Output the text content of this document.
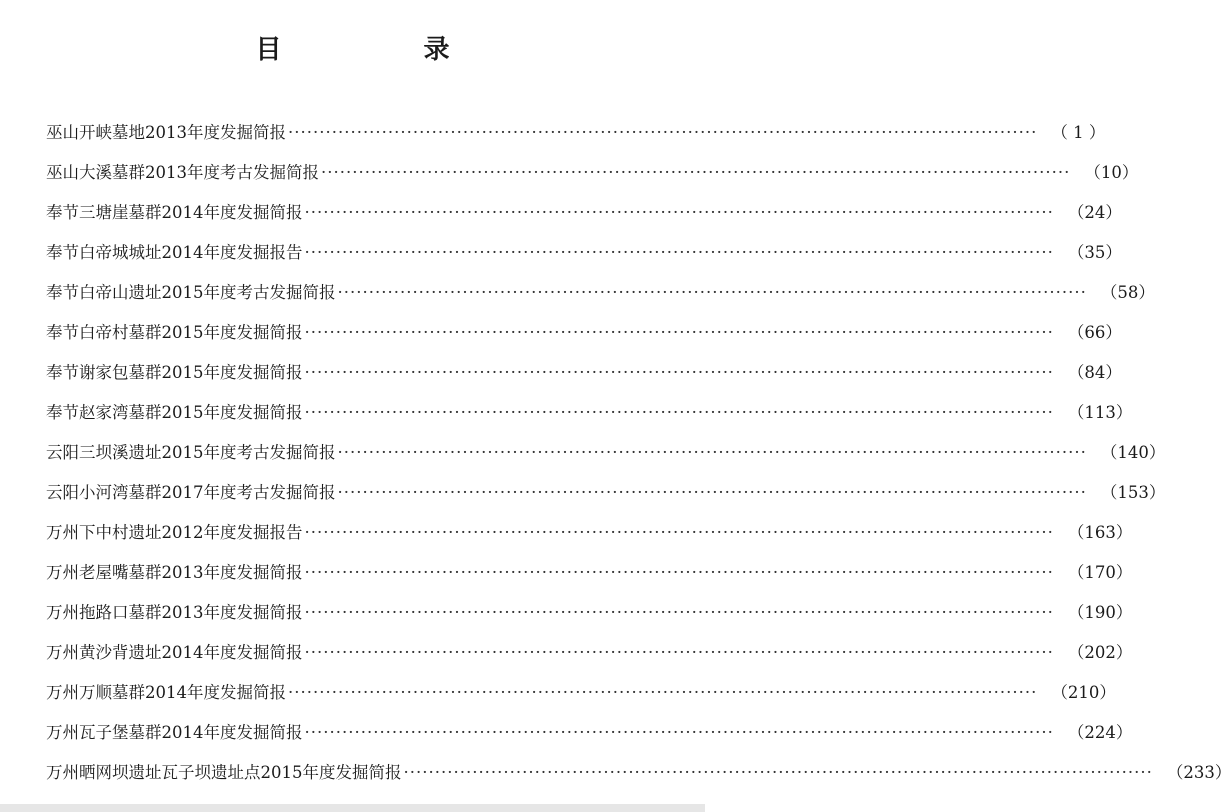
目　录
巫山开峡墓地2013年度发掘简报 ························································································································ （ 1 ）
巫山大溪墓群2013年度考古发掘简报 ························································································································ （10）
奉节三塘崖墓群2014年度发掘简报 ························································································································ （24）
奉节白帝城城址2014年度发掘报告 ························································································································ （35）
奉节白帝山遗址2015年度考古发掘简报 ························································································································ （58）
奉节白帝村墓群2015年度发掘简报 ························································································································ （66）
奉节谢家包墓群2015年度发掘简报 ························································································································ （84）
奉节赵家湾墓群2015年度发掘简报 ························································································································ （113）
云阳三坝溪遗址2015年度考古发掘简报 ························································································································ （140）
云阳小河湾墓群2017年度考古发掘简报 ························································································································ （153）
万州下中村遗址2012年度发掘报告 ························································································································ （163）
万州老屋嘴墓群2013年度发掘简报 ························································································································ （170）
万州拖路口墓群2013年度发掘简报 ························································································································ （190）
万州黄沙背遗址2014年度发掘简报 ························································································································ （202）
万州万顺墓群2014年度发掘简报 ························································································································ （210）
万州瓦子堡墓群2014年度发掘简报 ························································································································ （224）
万州晒网坝遗址瓦子坝遗址点2015年度发掘简报 ························································································································ （233）
